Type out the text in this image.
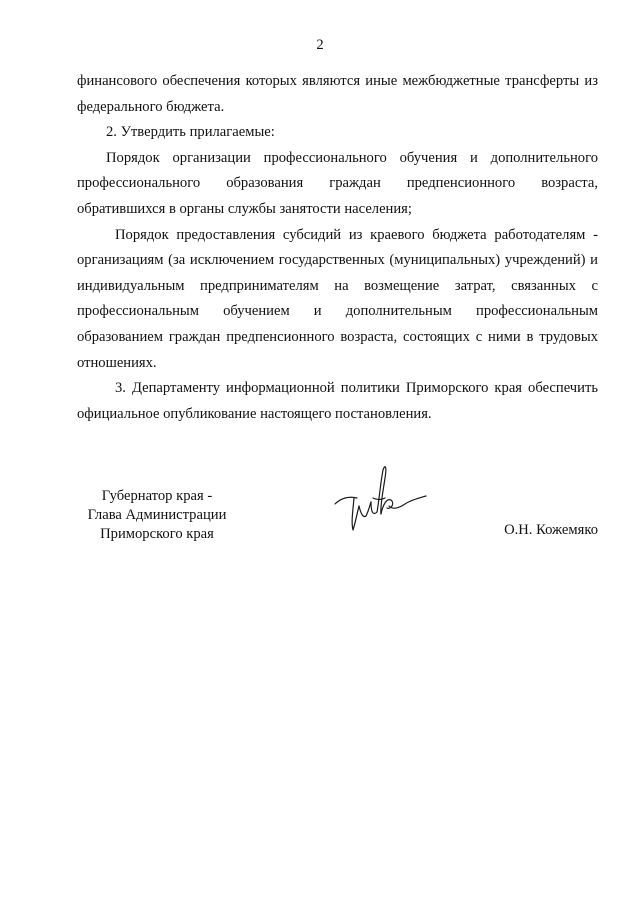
2

финансового обеспечения которых являются иные межбюджетные трансферты из федерального бюджета.

2. Утвердить прилагаемые:

Порядок организации профессионального обучения и дополнительного профессионального образования граждан предпенсионного возраста, обратившихся в органы службы занятости населения;

Порядок предоставления субсидий из краевого бюджета работодателям - организациям (за исключением государственных (муниципальных) учреждений) и индивидуальным предпринимателям на возмещение затрат, связанных с профессиональным обучением и дополнительным профессиональным образованием граждан предпенсионного возраста, состоящих с ними в трудовых отношениях.

3. Департаменту информационной политики Приморского края обеспечить официальное опубликование настоящего постановления.

Губернатор края -
Глава Администрации
Приморского края	О.Н. Кожемяко
